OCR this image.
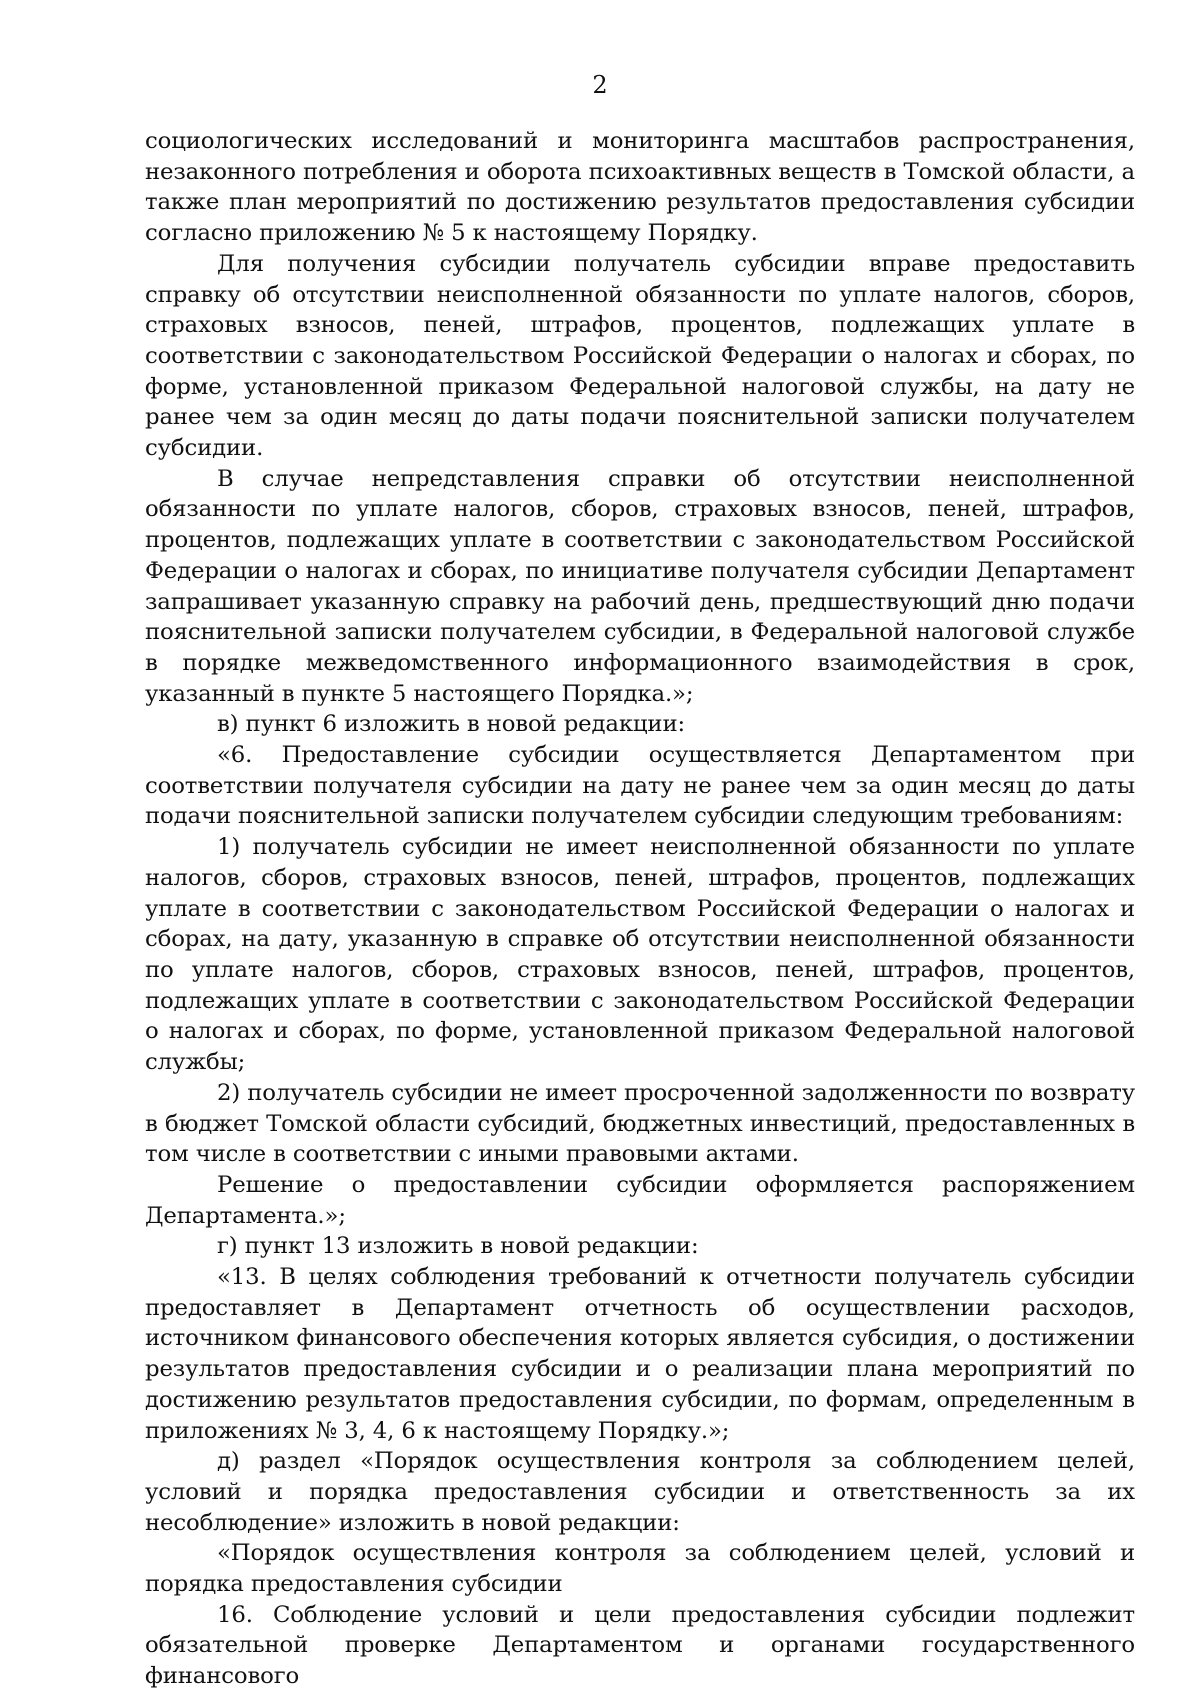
2

социологических исследований и мониторинга масштабов распространения, незаконного потребления и оборота психоактивных веществ в Томской области, а также план мероприятий по достижению результатов предоставления субсидии согласно приложению № 5 к настоящему Порядку.

Для получения субсидии получатель субсидии вправе предоставить справку об отсутствии неисполненной обязанности по уплате налогов, сборов, страховых взносов, пеней, штрафов, процентов, подлежащих уплате в соответствии с законодательством Российской Федерации о налогах и сборах, по форме, установленной приказом Федеральной налоговой службы, на дату не ранее чем за один месяц до даты подачи пояснительной записки получателем субсидии.

В случае непредставления справки об отсутствии неисполненной обязанности по уплате налогов, сборов, страховых взносов, пеней, штрафов, процентов, подлежащих уплате в соответствии с законодательством Российской Федерации о налогах и сборах, по инициативе получателя субсидии Департамент запрашивает указанную справку на рабочий день, предшествующий дню подачи пояснительной записки получателем субсидии, в Федеральной налоговой службе в порядке межведомственного информационного взаимодействия в срок, указанный в пункте 5 настоящего Порядка.»;

в) пункт 6 изложить в новой редакции:

«6. Предоставление субсидии осуществляется Департаментом при соответствии получателя субсидии на дату не ранее чем за один месяц до даты подачи пояснительной записки получателем субсидии следующим требованиям:

1) получатель субсидии не имеет неисполненной обязанности по уплате налогов, сборов, страховых взносов, пеней, штрафов, процентов, подлежащих уплате в соответствии с законодательством Российской Федерации о налогах и сборах, на дату, указанную в справке об отсутствии неисполненной обязанности по уплате налогов, сборов, страховых взносов, пеней, штрафов, процентов, подлежащих уплате в соответствии с законодательством Российской Федерации о налогах и сборах, по форме, установленной приказом Федеральной налоговой службы;

2) получатель субсидии не имеет просроченной задолженности по возврату в бюджет Томской области субсидий, бюджетных инвестиций, предоставленных в том числе в соответствии с иными правовыми актами.

Решение о предоставлении субсидии оформляется распоряжением Департамента.»;

г) пункт 13 изложить в новой редакции:

«13. В целях соблюдения требований к отчетности получатель субсидии предоставляет в Департамент отчетность об осуществлении расходов, источником финансового обеспечения которых является субсидия, о достижении результатов предоставления субсидии и о реализации плана мероприятий по достижению результатов предоставления субсидии, по формам, определенным в приложениях № 3, 4, 6 к настоящему Порядку.»;

д) раздел «Порядок осуществления контроля за соблюдением целей, условий и порядка предоставления субсидии и ответственность за их несоблюдение» изложить в новой редакции:

«Порядок осуществления контроля за соблюдением целей, условий и порядка предоставления субсидии

16. Соблюдение условий и цели предоставления субсидии подлежит обязательной проверке Департаментом и органами государственного финансового
